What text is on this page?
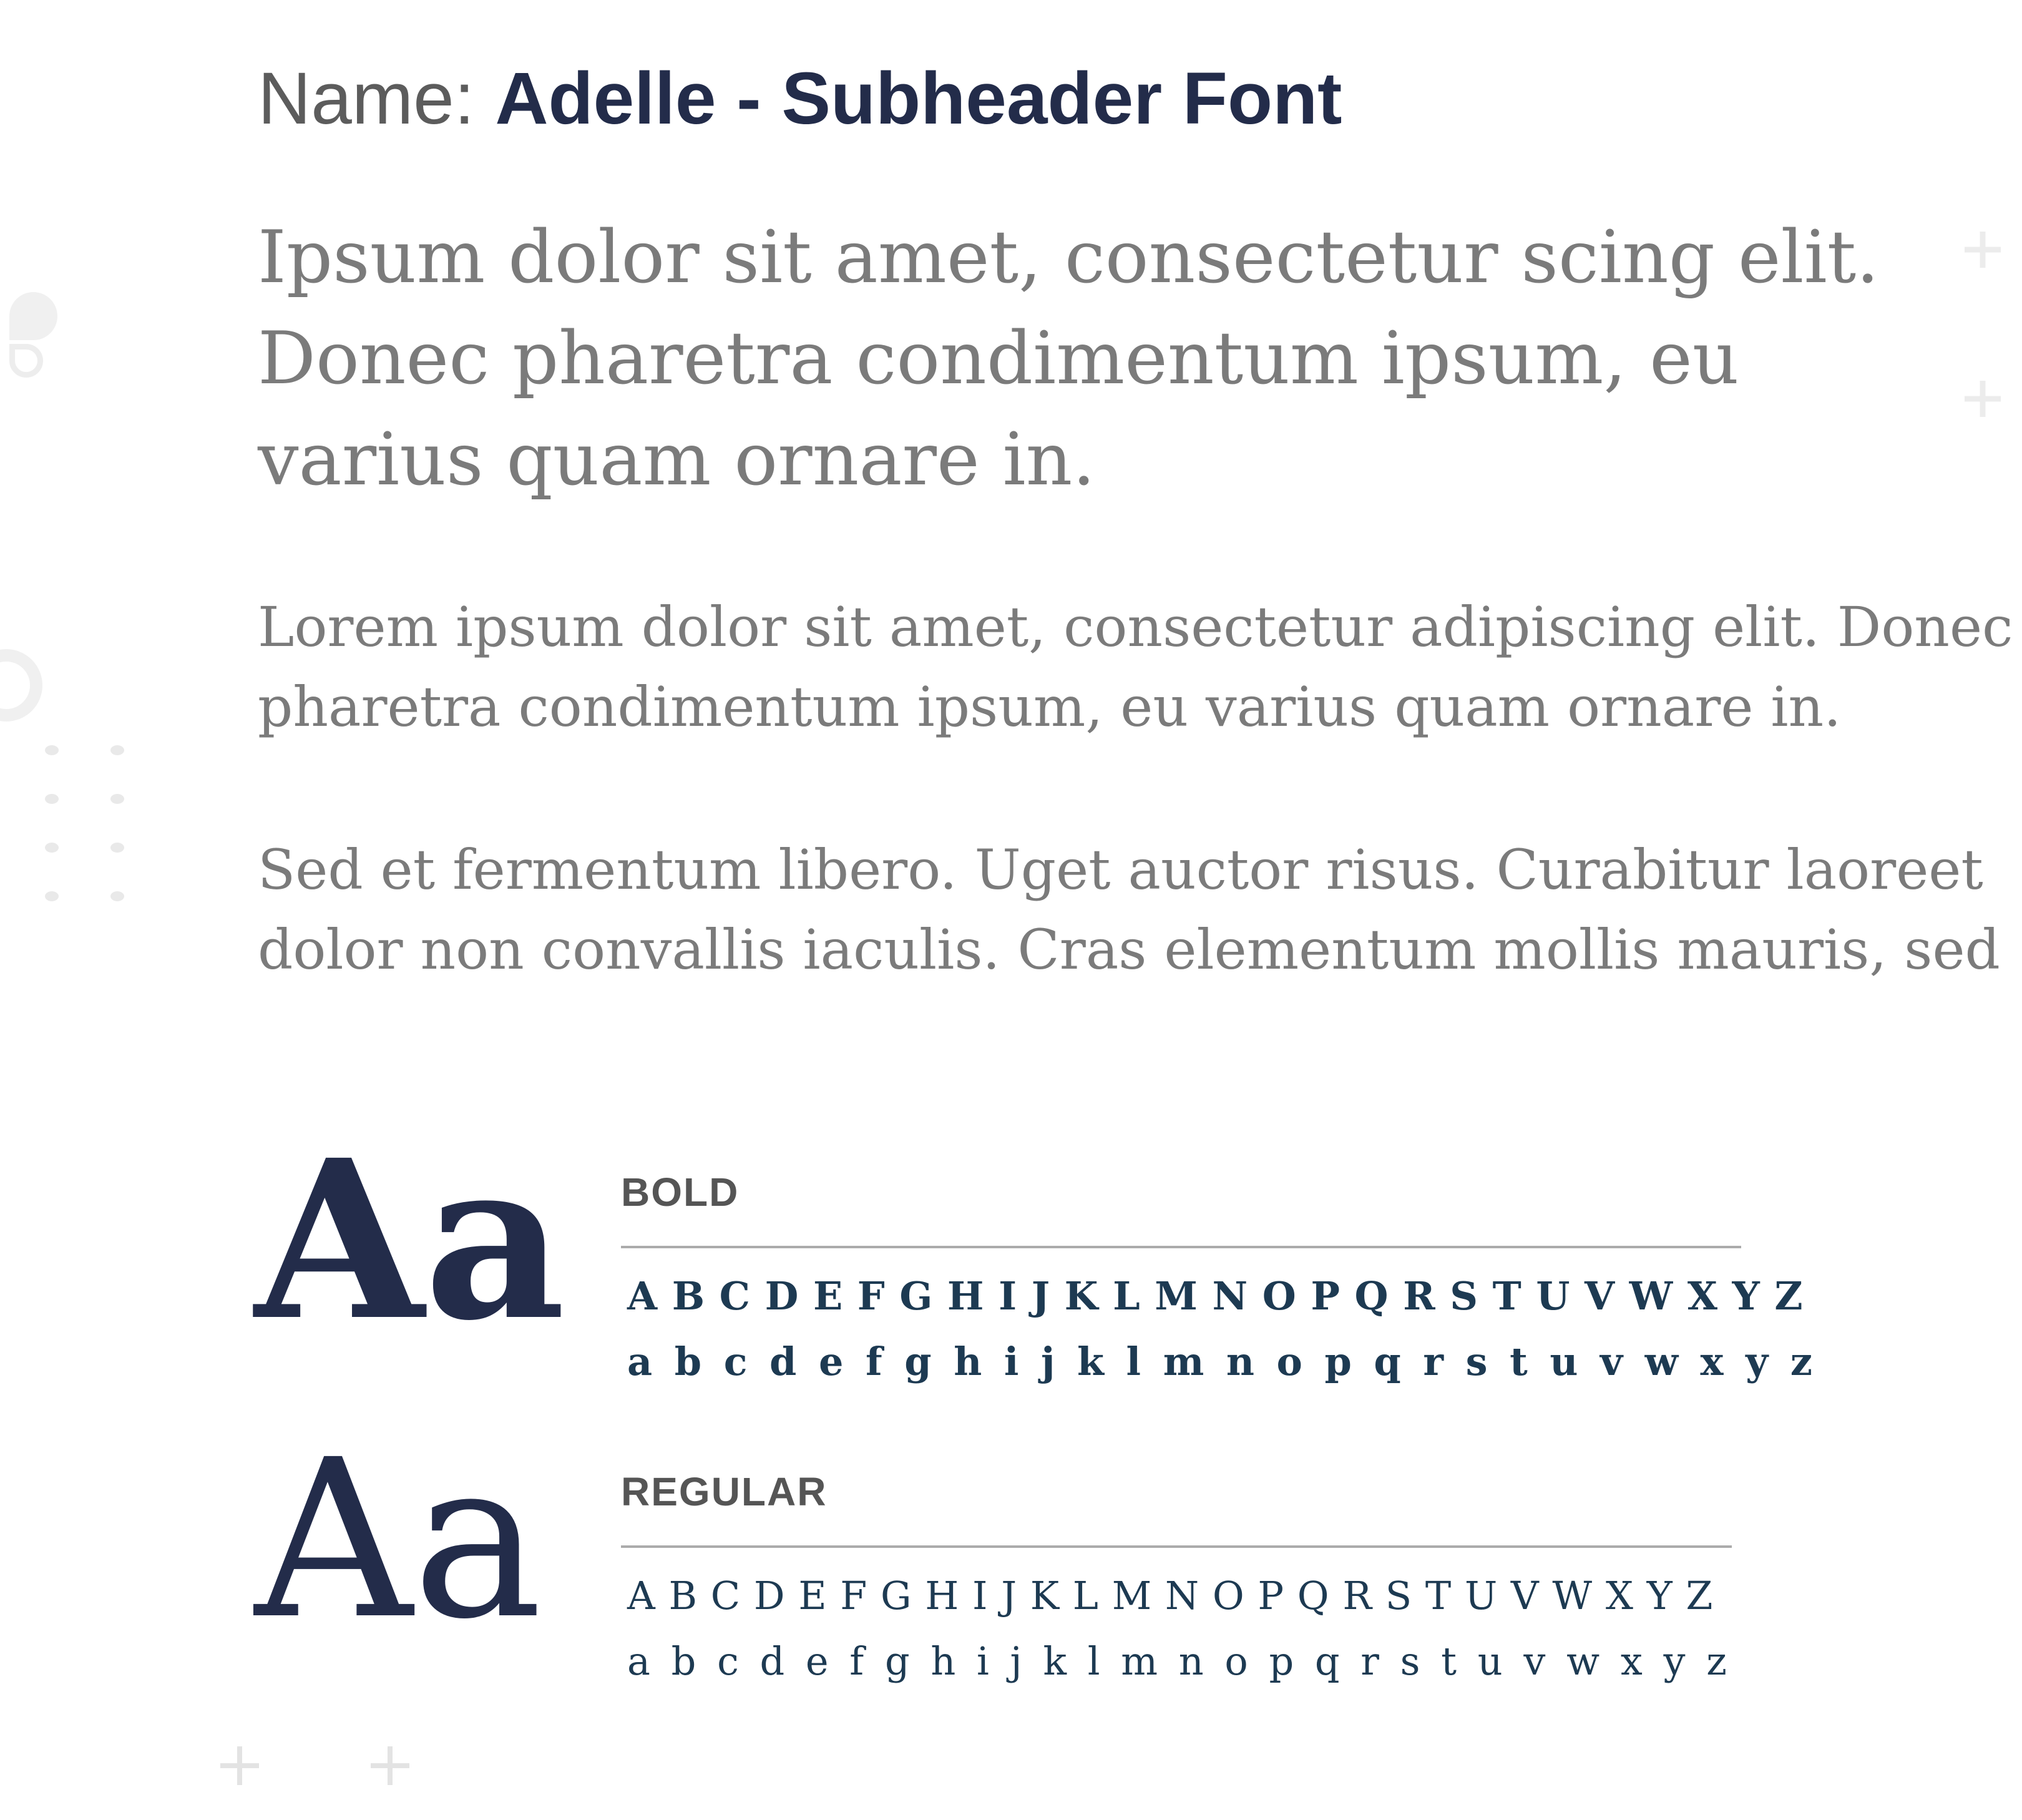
Name: Adelle - Subheader Font
Ipsum dolor sit amet, consectetur scing elit.
Donec pharetra condimentum ipsum, eu
varius quam ornare in.
Lorem ipsum dolor sit amet, consectetur adipiscing elit. Donec
pharetra condimentum ipsum, eu varius quam ornare in.
Sed et fermentum libero. Uget auctor risus. Curabitur laoreet
dolor non convallis iaculis. Cras elementum mollis mauris, sed
Aa BOLD
A B C D E F G H I J K L M N O P Q R S T U V W X Y Z
a b c d e f g h i j k l m n o p q r s t u v w x y z
Aa REGULAR
A B C D E F G H I J K L M N O P Q R S T U V W X Y Z
a b c d e f g h i j k l m n o p q r s t u v w x y z
